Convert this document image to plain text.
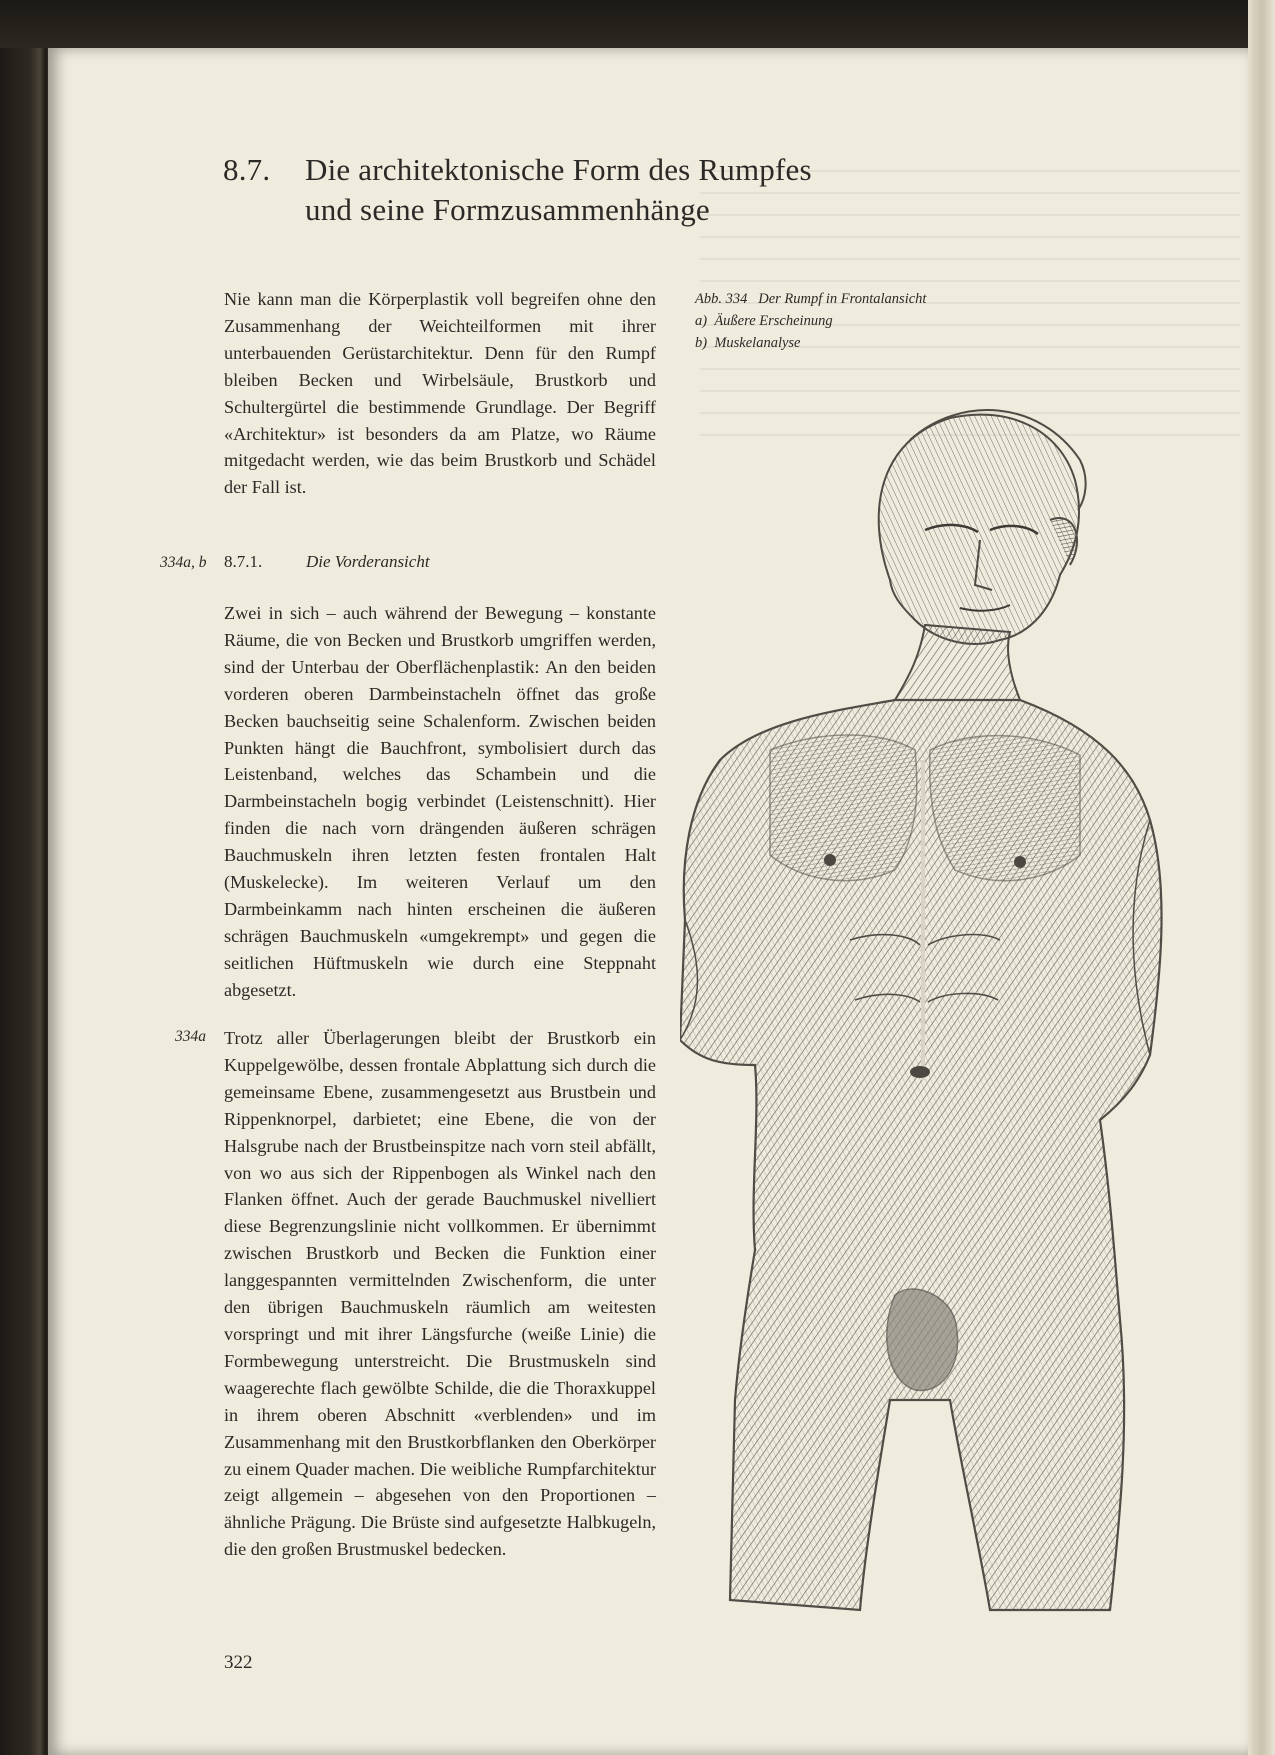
8.7. Die architektonische Form des Rumpfes
und seine Formzusammenhänge
Nie kann man die Körperplastik voll begreifen ohne den Zusammenhang der Weichteilformen mit ihrer unterbauenden Gerüstarchitektur. Denn für den Rumpf bleiben Becken und Wirbelsäule, Brustkorb und Schultergürtel die bestimmende Grundlage. Der Begriff «Architektur» ist besonders da am Platze, wo Räume mitgedacht werden, wie das beim Brustkorb und Schädel der Fall ist.
334a, b 8.7.1.	Die Vorderansicht
Zwei in sich – auch während der Bewegung – konstante Räume, die von Becken und Brustkorb umgriffen werden, sind der Unterbau der Oberflächenplastik: An den beiden vorderen oberen Darmbeinstacheln öffnet das große Becken bauchseitig seine Schalenform. Zwischen beiden Punkten hängt die Bauchfront, symbolisiert durch das Leistenband, welches das Schambein und die Darmbeinstacheln bogig verbindet (Leistenschnitt). Hier finden die nach vorn drängenden äußeren schrägen Bauchmuskeln ihren letzten festen frontalen Halt (Muskelecke). Im weiteren Verlauf um den Darmbeinkamm nach hinten erscheinen die äußeren schrägen Bauchmuskeln «umgekrempt» und gegen die seitlichen Hüftmuskeln wie durch eine Steppnaht abgesetzt.
334a Trotz aller Überlagerungen bleibt der Brustkorb ein Kuppelgewölbe, dessen frontale Abplattung sich durch die gemeinsame Ebene, zusammengesetzt aus Brustbein und Rippenknorpel, darbietet; eine Ebene, die von der Halsgrube nach der Brustbeinspitze nach vorn steil abfällt, von wo aus sich der Rippenbogen als Winkel nach den Flanken öffnet. Auch der gerade Bauchmuskel nivelliert diese Begrenzungslinie nicht vollkommen. Er übernimmt zwischen Brustkorb und Becken die Funktion einer langgespannten vermittelnden Zwischenform, die unter den übrigen Bauchmuskeln räumlich am weitesten vorspringt und mit ihrer Längsfurche (weiße Linie) die Formbewegung unterstreicht. Die Brustmuskeln sind waagerechte flach gewölbte Schilde, die die Thoraxkuppel in ihrem oberen Abschnitt «verblenden» und im Zusammenhang mit den Brustkorbflanken den Oberkörper zu einem Quader machen. Die weibliche Rumpfarchitektur zeigt allgemein – abgesehen von den Proportionen – ähnliche Prägung. Die Brüste sind aufgesetzte Halbkugeln, die den großen Brustmuskel bedecken.
Abb. 334   Der Rumpf in Frontalansicht
a)  Äußere Erscheinung
b)  Muskelanalyse
322
